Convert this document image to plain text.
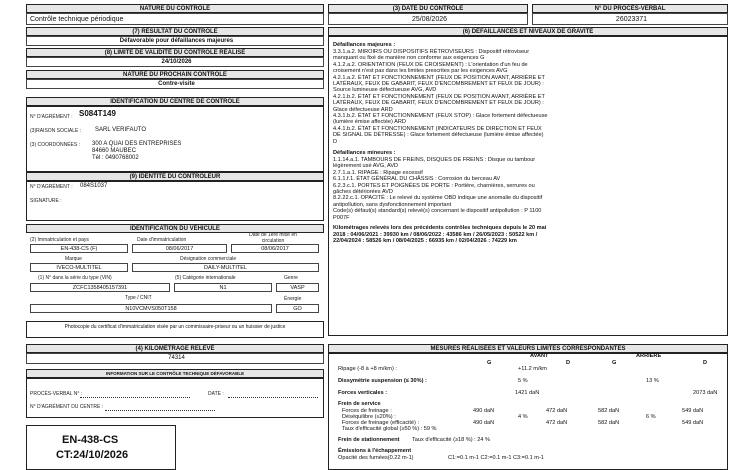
NATURE DU CONTRÔLE
Contrôle technique périodique
(3) DATE DU CONTRÔLE
25/08/2026
N° DU PROCÈS-VERBAL
26023371
(7) RÉSULTAT DU CONTRÔLE
Défavorable pour défaillances majeures
(8) LIMITE DE VALIDITÉ DU CONTRÔLE RÉALISÉ
24/10/2026
NATURE DU PROCHAIN CONTRÔLE
Contre-visite
IDENTIFICATION DU CENTRE DE CONTRÔLE
N° D'AGRÉMENT : S084T149
(3)RAISON SOCIALE : SARL VERIFAUTO
(3) COORDONNÉES : 300 A QUAI DES ENTREPRISES
84660 MAUBEC
Tél : 0490768002
(9) IDENTITÉ DU CONTRÔLEUR
N° D'AGRÉMENT : 084S1037
SIGNATURE :
IDENTIFICATION DU VÉHICULE
(2) Immatriculation et pays	Date d'immatriculation
Date de 1ère mise en circulation
EN-438-CS (F)	08/06/2017	08/06/2017
Marque	Désignation commerciale
IVECO-MULTITEL	DAILY-MULTITEL
(1) N° dans la série du type (VIN)	(5) Catégorie internationale	Genre
ZCFC1358405157391	N1	VASP
Type / CNIT	Énergie
N10VCMVS050T158	GO
Photocopie du certificat d'immatriculation visée par un commissaire-priseur ou un huissier de justice
(4) KILOMÉTRAGE RELEVÉ
74314
INFORMATION SUR LE CONTRÔLE TECHNIQUE DÉFAVORABLE
PROCÈS-VERBAL N° :	DATE :
N° D'AGRÉMENT DU CENTRE :
EN-438-CS
CT:24/10/2026
(6) DÉFAILLANCES ET NIVEAUX DE GRAVITÉ
Défaillances majeures :
3.3.1.a.2. MIROIRS OU DISPOSITIFS RÉTROVISEURS : Dispositif rétroviseur
manquant ou fixé de manière non conforme aux exigences G
4.1.2.a.2. ORIENTATION (FEUX DE CROISEMENT) : L'orientation d'un feu de
croisement n'est pas dans les limites prescrites par les exigences AVG
4.2.1.a.2. ÉTAT ET FONCTIONNEMENT (FEUX DE POSITION AVANT, ARRIÈRE ET
LATÉRAUX, FEUX DE GABARIT, FEUX D'ENCOMBREMENT ET FEUX DE JOUR) :
Source lumineuse défectueuse AVG, AVD
4.2.1.b.2. ÉTAT ET FONCTIONNEMENT (FEUX DE POSITION AVANT, ARRIÈRE ET
LATÉRAUX, FEUX DE GABARIT, FEUX D'ENCOMBREMENT ET FEUX DE JOUR) :
Glace défectueuse ARD
4.3.1.b.2. ÉTAT ET FONCTIONNEMENT (FEUX STOP) : Glace fortement défectueuse
(lumière émise affectée) ARD
4.4.1.b.2. ÉTAT ET FONCTIONNEMENT (INDICATEURS DE DIRECTION ET FEUX
DE SIGNAL DE DÉTRESSE) : Glace fortement défectueuse (lumière émise affectée)
D
Défaillances mineures :
1.1.14.a.1. TAMBOURS DE FREINS, DISQUES DE FREINS : Disque ou tambour
légèrement usé AVG, AVD
2.7.1.a.1. RIPAGE : Ripage excessif
6.1.1.f.1. ÉTAT GÉNÉRAL DU CHÂSSIS : Corrosion du berceau AV
6.2.3.c.1. PORTES ET POIGNÉES DE PORTE : Portière, charnières, serrures ou
gâches détériorées AVD
8.2.22.c.1. OPACITÉ : Le relevé du système OBD indique une anomalie du dispositif
antipollution, sans dysfonctionnement important
Code(s) défaut(s) standard(s) relevé(s) concernant le dispositif antipollution : P 1100
P007F
Kilométrages relevés lors des précédents contrôles techniques depuis le 20 mai
2018 : 04/06/2021 : 39930 km / 08/06/2022 : 43586 km / 26/05/2023 : 50522 km /
22/04/2024 : 58526 km / 08/04/2025 : 66935 km / 02/04/2026 : 74229 km
MESURES RÉALISÉES ET VALEURS LIMITES CORRESPONDANTES
AVANT	ARRIÈRE
G	D	G	D
Ripage (-8 à +8 m/km) :	+11.2 m/km
Dissymétrie suspension (≤ 30%) :	5 %	13 %
Forces verticales :	1421 daN	2073 daN
Frein de service
Forces de freinage :	490 daN	472 daN	582 daN	549 daN
Déséquilibre (≤20%) :	4 %	6 %
Forces de freinage (efficacité) :	490 daN	472 daN	582 daN	549 daN
Taux d'efficacité global (≥50 %) : 59 %
Frein de stationnement Taux d'efficacité (≥18 %) : 24 %
Émissions à l'échappement
Opacité des fumées(0.22 m-1)	C1:=0.1 m-1 C2:=0.1 m-1 C3:=0.1 m-1
